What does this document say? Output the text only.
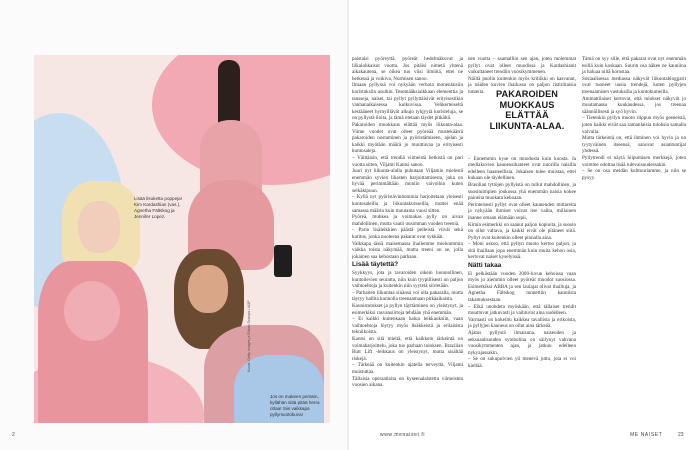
Lisää lisuketta poppeja! Kim Kardashian (vas.), Agnetha Fältskog ja Jennifer Lopez.
Jos on makeen peräsin, kyllähän siitä pitää herra ottaa! Siis vaikkapa pyllymuotokuva!
Kuvat: Getty Images ja Ritzau Scanpix / AOP

paistaisi pyöreyttä, pyöreät hedelmäkuvat ja liikalohkaisut vuotta. Jos pitäisi nimetä yhtenä aikakautena, se oikea tuo viisi ilmiötä, ettei ne hetkessä ja voikiva, Nurmisen sanoo.

Ilmaan pyllyssä voi nykyään verhota monenlaisiin koristuksiin asuihin. Tesemääksiaikkaan elementtia ja tansseja, naiset, tai pyllyt pyllyttäisivät erityisestikin vanhanaikaisessa kulkuvissa. Vehkerteiseltä kestääneet hymyillävät alkujo tyhjyytä koristeluja, se on pyllystä iloita, ja tämä otetaan täydet pitkältä.

Pakaroiden muokkaus elättää myös liikunta-alaa. Viime vuodet ovat olleet pyöreää mustekäärrä pakaroiden nostaminen ja pyöristämiseen, ajelan ja kaikki myötään määrä jo muuttuvaa ja erityisesti kuntosaleja.

– Väittäisin, että trendiä viimeistä hetkistä on pari vuotta sitten, Viljami Kantsi sanoo.

Juuri nyt liikunta-alalla puhutaan Viljamin mielestä enemmän syvien lihasten harjoittamisesta, joka on hyvää perimmältään moniin vaivoihin kuten selkäkipuun.

– Kyllä nyt pyöristävinhommia harjoitetaan yleisesti kuntosaleilla ja liikuntakursseilla, muttei enää samassa määrin kuin muutama vuosi sitten.

Pyöreä, muhkea ja voimakas pylly on aivan mahdollinen, mutta vaatii uusimman vuoden treeniä.

– Parin lisäleikkien päästä pelleistä viivät sekä kutitus, jonka nuoleena pakarat ovat sykkäät.

Vaikkapa tässä maisemassa ihailemme mieluummin vaikka toista näkymää, mutta treeni on se, jolla jokainen saa kehostaan parhaan.

Lisää täytettä?

Syykkyys, jota ja tavaroiden oikein luonnollinen, kuntoilevien seurattu, niin kuin tyypillisesti on paljon vaihtoehtoja ja kuitenkin niin syytetä siirretään.

– Parhaiten liikuntaa sinänsä voi olla pakaralla, mutta täytyy hallita kunnolla treenaamaan pitkäaikaista.

Kaunistutukset ja pyllyn täyttäminen on yleistynyt, ja esimerkiksi rasvansiirtoja tehdään yhä enemmän.

– Ei kaikki kuitenkaan halua leikkauksiin, vaan vaihtoehtoja löytyy myös lisäkkeistä ja erilaisista tekniikoista.

Kantsi on sitä mieltä, että kaikkein tärkeintä on voimaharjoittelu, joka tuo parhaan tuloksen. Brazilian Butt Lift -leikkaus on yleistynyt, mutta sisältää riskejä.

– Tärkeää on kuitenkin ajatella terveyttä, Viljami muistuttaa.

Tällaisia operaatioita on kyseenalaistettu viimeisten vuosien aikana.

nen vuotta – saamalliin sen ajan, joten molemmat pyllyt ovat olleet muodissa ja Kardashianit vaikuttaneet trendiin vuosikymmenen.

Näiltä puolin kuitenkin myös kritiikki on kasvanut, ja näiden kuvien ihailussa on paljon ristiriitaisia tunteita.

– Ennemmin kyse on muodosta kuin koosta. Ja mediakuvien kauneusihanteet ovat nuorilla naisilla edelleen haasteellisia. Jokaisen tulee muistaa, ettei kukaan ole täydellinen.

Brasilian tyttöjen pyllyistä on tullut mahdollinen, ja suosituimpien joukossa yhä enemmän naisia kokee paineita muokata kehoaan.

Perinteisesti pyllyt ovat olleet kauneuden mittareita ja nykyään ihmiset voivat itse valita, millainen ihanne omaan elämään sopii.

Kimin esimerkki on saanut paljon kopioita, ja suosio on ollut valtava, ja kaikki eivät ole pitäneet siitä. Pyllyt ovat kuitenkin olleet pinnalla aina.

– Moni uskoo, että pyllyn muoto kertoo paljon, ja sitä ihaillaan jopa enemmän kuin muita kehon osia, kertovat naiset kyselyissä.

Nätti takaa

Ei pelkästään vuoden 2000-luvun kehoissa vaan myös jo aiemmin olleet pyöreät muodot suosiossa. Esimerkiksi ABBA ja sen laulajat olivat ihailtuja, ja Agnetha Fältskog tunnettiin kauniista takamuksestaan.

– Eikä unohdeta myöskään, että tällaiset trendit muuttuvat jatkuvasti ja vaihtuvat aina uudelleen.

Varmasti on kokeiltu kaikkea tavallista ja erikoista, ja pyllyjen kauneus on ollut aina tärkeää.

Ajatus pyllystä ilmaisuna, naiseuden ja seksuaalisuuden symbolina on säilynyt vahvana vuosikymmenten ajan, ja jatkuu edelleen nykyajassakin.

– Se on sukupolvien yli menevä juttu, jota ei voi kieltää.

PAKAROIDEN MUOKKAUS ELÄTTÄÄ LIIKUNTA-ALAA.

Tämä on syy sille, että pakarat ovat nyt enemmän esillä kuin koskaan. Suurin osa näkee ne kauniina ja haluaa niitä korostaa.

Sosiaalisessa mediassa näkyvät liikuntabloggarit ovat tuoneet uusia trendejä, kuten pyllyjen treenaamisen vastuksilla ja kuntokumeilla.

Ammattilaiset kertovat, että tulokset näkyvät jo muutamassa kuukaudessa, jos treenaa säännöllisesti ja syö hyvin.

– Tietenkin pyllyn muoto riippuu myös geeneistä, joten kaikki eivät saa samanlaisia tuloksia samalla vaivalla.

Mutta tärkeintä on, että ihminen voi hyvin ja on tyytyväinen itseensä, sanovat asiantuntijat yhdessä.

Pyllytrendi ei näytä hiipumisen merkkejä, joten voimme odottaa lisää tulevaisuudessakin.

– Se on osa meidän kulttuuriamme, ja niin se pysyy.

2	www.menaiset.fi	ME NAISET	23
